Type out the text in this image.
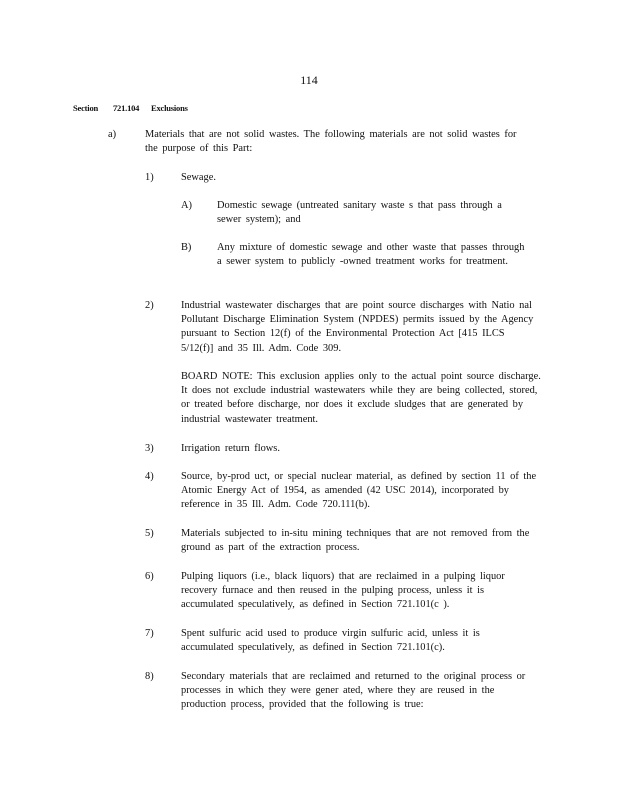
114
Section 721.104 Exclusions
a)	Materials that are not solid wastes. The following materials are not solid wastes for the purpose of this Part:
1)	Sewage.
A) Domestic sewage (untreated sanitary waste s that pass through a sewer system); and
B) Any mixture of domestic sewage and other waste that passes through a sewer system to publicly -owned treatment works for treatment.
2)	Industrial wastewater discharges that are point source discharges with Natio nal Pollutant Discharge Elimination System (NPDES) permits issued by the Agency pursuant to Section 12(f) of the Environmental Protection Act [415 ILCS 5/12(f)] and 35 Ill. Adm. Code 309.
BOARD NOTE: This exclusion applies only to the actual point source discharge. It does not exclude industrial wastewaters while they are being collected, stored, or treated before discharge, nor does it exclude sludges that are generated by industrial wastewater treatment.
3)	Irrigation return flows.
4)	Source, by-prod uct, or special nuclear material, as defined by section 11 of the Atomic Energy Act of 1954, as amended (42 USC 2014), incorporated by reference in 35 Ill. Adm. Code 720.111(b).
5)	Materials subjected to in-situ mining techniques that are not removed from the ground as part of the extraction process.
6)	Pulping liquors (i.e., black liquors) that are reclaimed in a pulping liquor recovery furnace and then reused in the pulping process, unless it is accumulated speculatively, as defined in Section 721.101(c ).
7)	Spent sulfuric acid used to produce virgin sulfuric acid, unless it is accumulated speculatively, as defined in Section 721.101(c).
8)	Secondary materials that are reclaimed and returned to the original process or processes in which they were gener ated, where they are reused in the production process, provided that the following is true:
